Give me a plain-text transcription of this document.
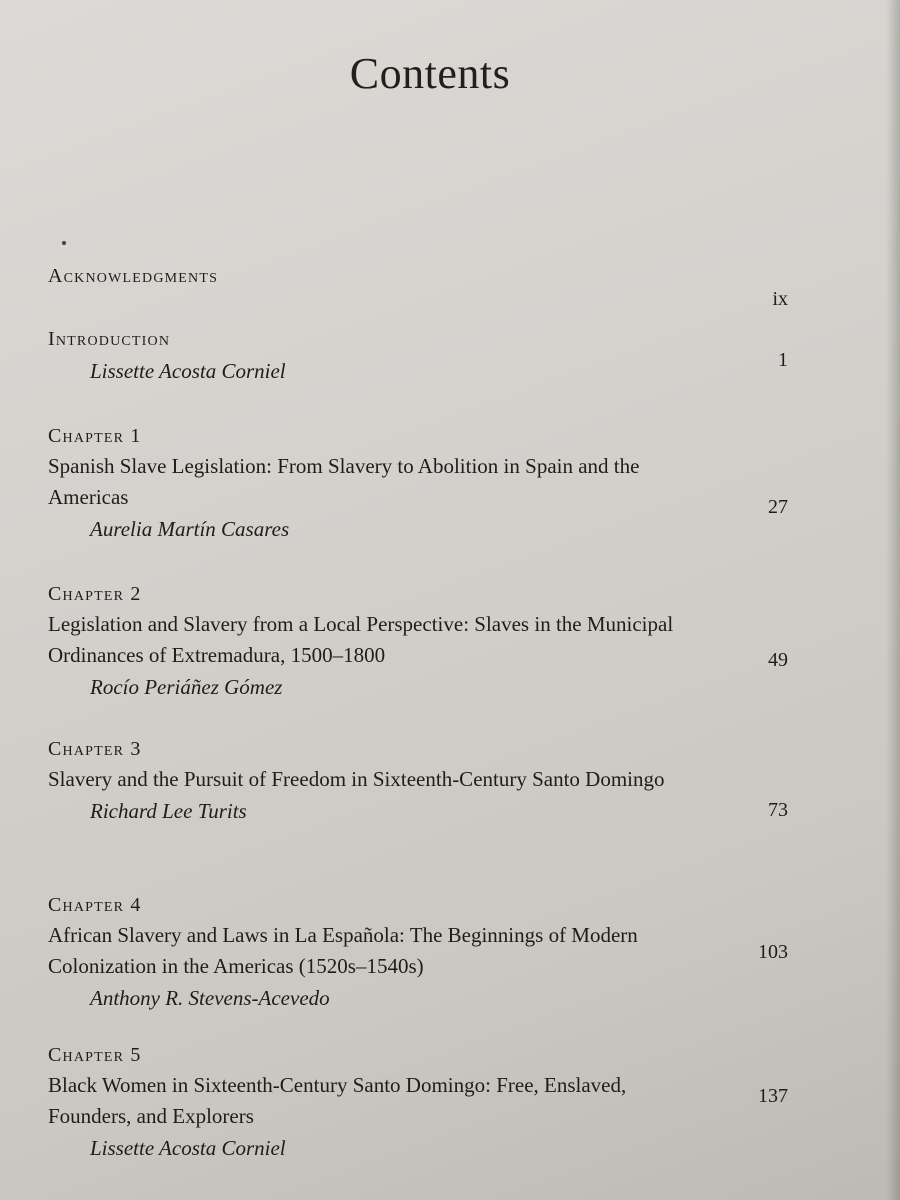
Contents
Acknowledgments
ix
Introduction
Lissette Acosta Corniel	1
Chapter 1
Spanish Slave Legislation: From Slavery to Abolition in Spain and the Americas
Aurelia Martín Casares
27
Chapter 2
Legislation and Slavery from a Local Perspective: Slaves in the Municipal Ordinances of Extremadura, 1500–1800
Rocío Periáñez Gómez
49
Chapter 3
Slavery and the Pursuit of Freedom in Sixteenth-Century Santo Domingo
Richard Lee Turits	73
Chapter 4
African Slavery and Laws in La Española: The Beginnings of Modern Colonization in the Americas (1520s–1540s)
Anthony R. Stevens-Acevedo
103
Chapter 5
Black Women in Sixteenth-Century Santo Domingo: Free, Enslaved, Founders, and Explorers
Lissette Acosta Corniel
137
